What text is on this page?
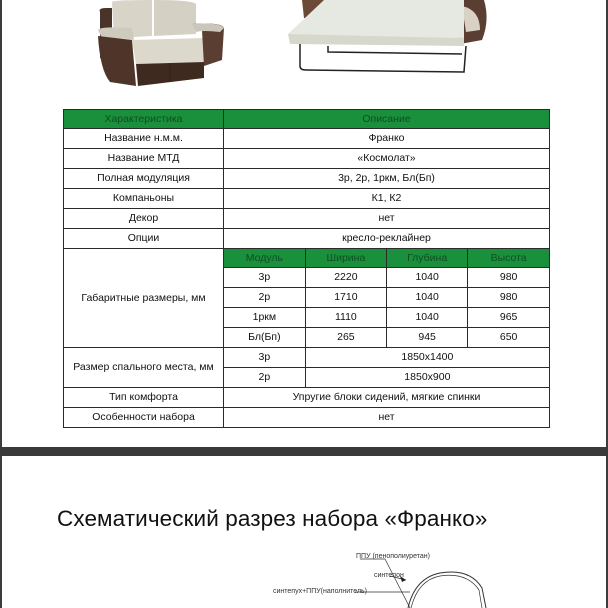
Характеристика	Описание
Название н.м.м.	Франко
Название МТД	«Космолат»
Полная модуляция	3р, 2р, 1ркм, Бл(Бп)
Компаньоны	К1, К2
Декор	нет
Опции	кресло-реклайнер
Габаритные размеры, мм	
Модуль	Ширина	Глубина	Высота
3р	2220	1040	980
2р	1710	1040	980
1ркм	1110	1040	965
Бл(Бп)	265	945	650

Размер спального места, мм	
3р	1850х1400
2р	1850х900

Тип комфорта	Упругие блоки сидений, мягкие спинки
Особенности набора	нет
Схематический разрез набора «Франко»
ППУ (пенополиуретан)
синтепон
синтепух+ППУ(наполнитель)
